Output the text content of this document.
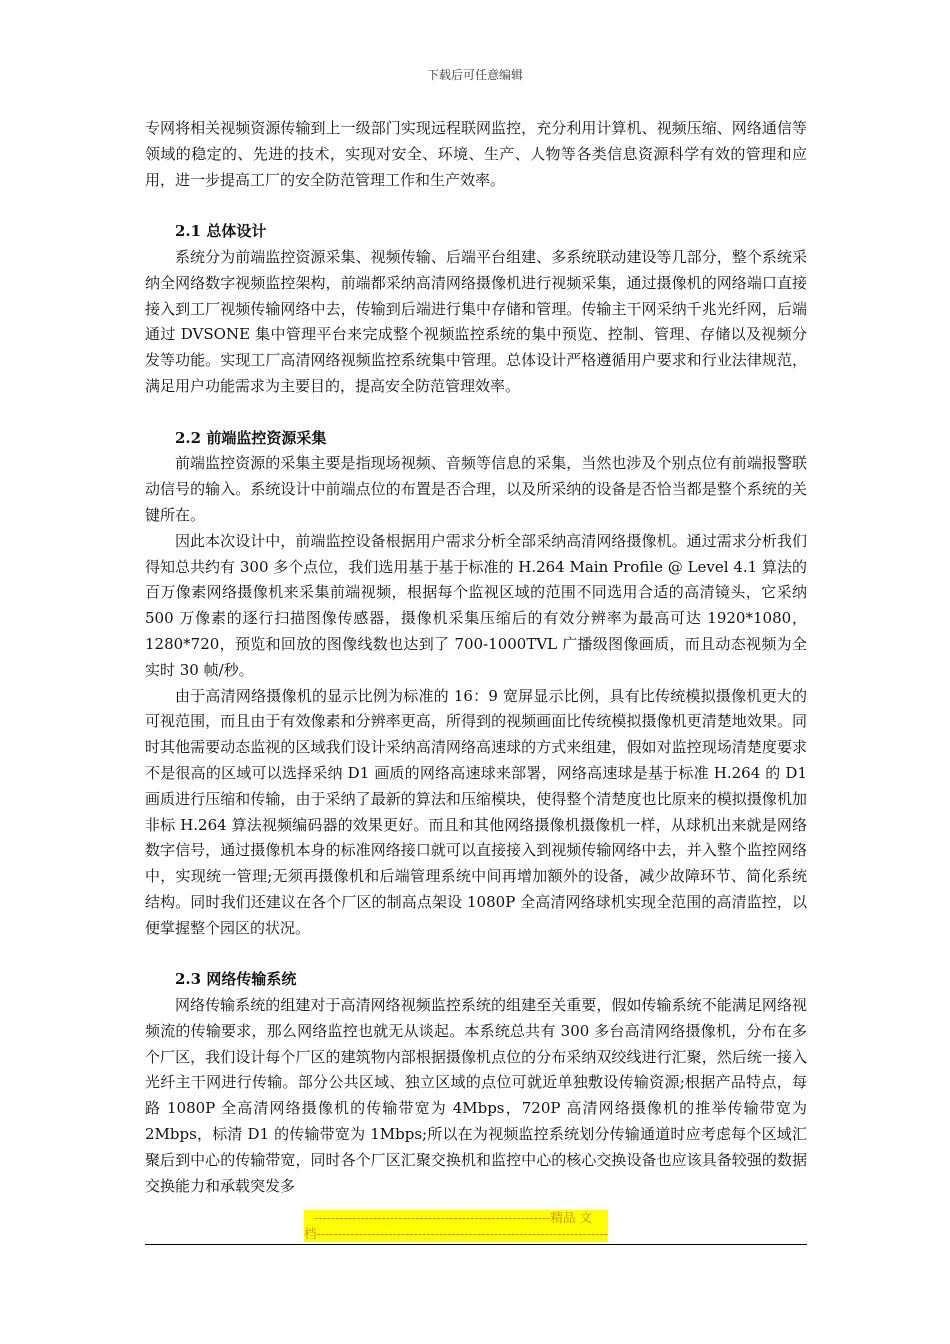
下载后可任意编辑

专网将相关视频资源传输到上一级部门实现远程联网监控，充分利用计算机、视频压缩、网络通信等领域的稳定的、先进的技术，实现对安全、环境、生产、人物等各类信息资源科学有效的管理和应用，进一步提高工厂的安全防范管理工作和生产效率。

2.1 总体设计

系统分为前端监控资源采集、视频传输、后端平台组建、多系统联动建设等几部分，整个系统采纳全网络数字视频监控架构，前端都采纳高清网络摄像机进行视频采集，通过摄像机的网络端口直接接入到工厂视频传输网络中去，传输到后端进行集中存储和管理。传输主干网采纳千兆光纤网，后端通过 DVSONE 集中管理平台来完成整个视频监控系统的集中预览、控制、管理、存储以及视频分发等功能。实现工厂高清网络视频监控系统集中管理。总体设计严格遵循用户要求和行业法律规范，满足用户功能需求为主要目的，提高安全防范管理效率。

2.2 前端监控资源采集

前端监控资源的采集主要是指现场视频、音频等信息的采集，当然也涉及个别点位有前端报警联动信号的输入。系统设计中前端点位的布置是否合理，以及所采纳的设备是否恰当都是整个系统的关键所在。

因此本次设计中，前端监控设备根据用户需求分析全部采纳高清网络摄像机。通过需求分析我们得知总共约有 300 多个点位，我们选用基于基于标准的 H.264 Main Profile @ Level 4.1 算法的百万像素网络摄像机来采集前端视频，根据每个监视区域的范围不同选用合适的高清镜头，它采纳 500 万像素的逐行扫描图像传感器，摄像机采集压缩后的有效分辨率为最高可达 1920*1080，1280*720，预览和回放的图像线数也达到了 700-1000TVL 广播级图像画质，而且动态视频为全实时 30 帧/秒。

由于高清网络摄像机的显示比例为标准的 16：9 宽屏显示比例，具有比传统模拟摄像机更大的可视范围，而且由于有效像素和分辨率更高，所得到的视频画面比传统模拟摄像机更清楚地效果。同时其他需要动态监视的区域我们设计采纳高清网络高速球的方式来组建，假如对监控现场清楚度要求不是很高的区域可以选择采纳 D1 画质的网络高速球来部署，网络高速球是基于标准 H.264 的 D1 画质进行压缩和传输，由于采纳了最新的算法和压缩模块，使得整个清楚度也比原来的模拟摄像机加非标 H.264 算法视频编码器的效果更好。而且和其他网络摄像机摄像机一样，从球机出来就是网络数字信号，通过摄像机本身的标准网络接口就可以直接接入到视频传输网络中去，并入整个监控网络中，实现统一管理;无须再摄像机和后端管理系统中间再增加额外的设备，减少故障环节、简化系统结构。同时我们还建议在各个厂区的制高点架设 1080P 全高清网络球机实现全范围的高清监控，以便掌握整个园区的状况。

2.3 网络传输系统

网络传输系统的组建对于高清网络视频监控系统的组建至关重要，假如传输系统不能满足网络视频流的传输要求，那么网络监控也就无从谈起。本系统总共有 300 多台高清网络摄像机，分布在多个厂区，我们设计每个厂区的建筑物内部根据摄像机点位的分布采纳双绞线进行汇聚，然后统一接入光纤主干网进行传输。部分公共区域、独立区域的点位可就近单独敷设传输资源;根据产品特点，每路 1080P 全高清网络摄像机的传输带宽为 4Mbps，720P 高清网络摄像机的推举传输带宽为 2Mbps，标清 D1 的传输带宽为 1Mbps;所以在为视频监控系统划分传输通道时应考虑每个区域汇聚后到中心的传输带宽，同时各个厂区汇聚交换机和监控中心的核心交换设备也应该具备较强的数据交换能力和承载突发多

--------------------------------------------------------精品 文
档---------------------------------------------------------------------
